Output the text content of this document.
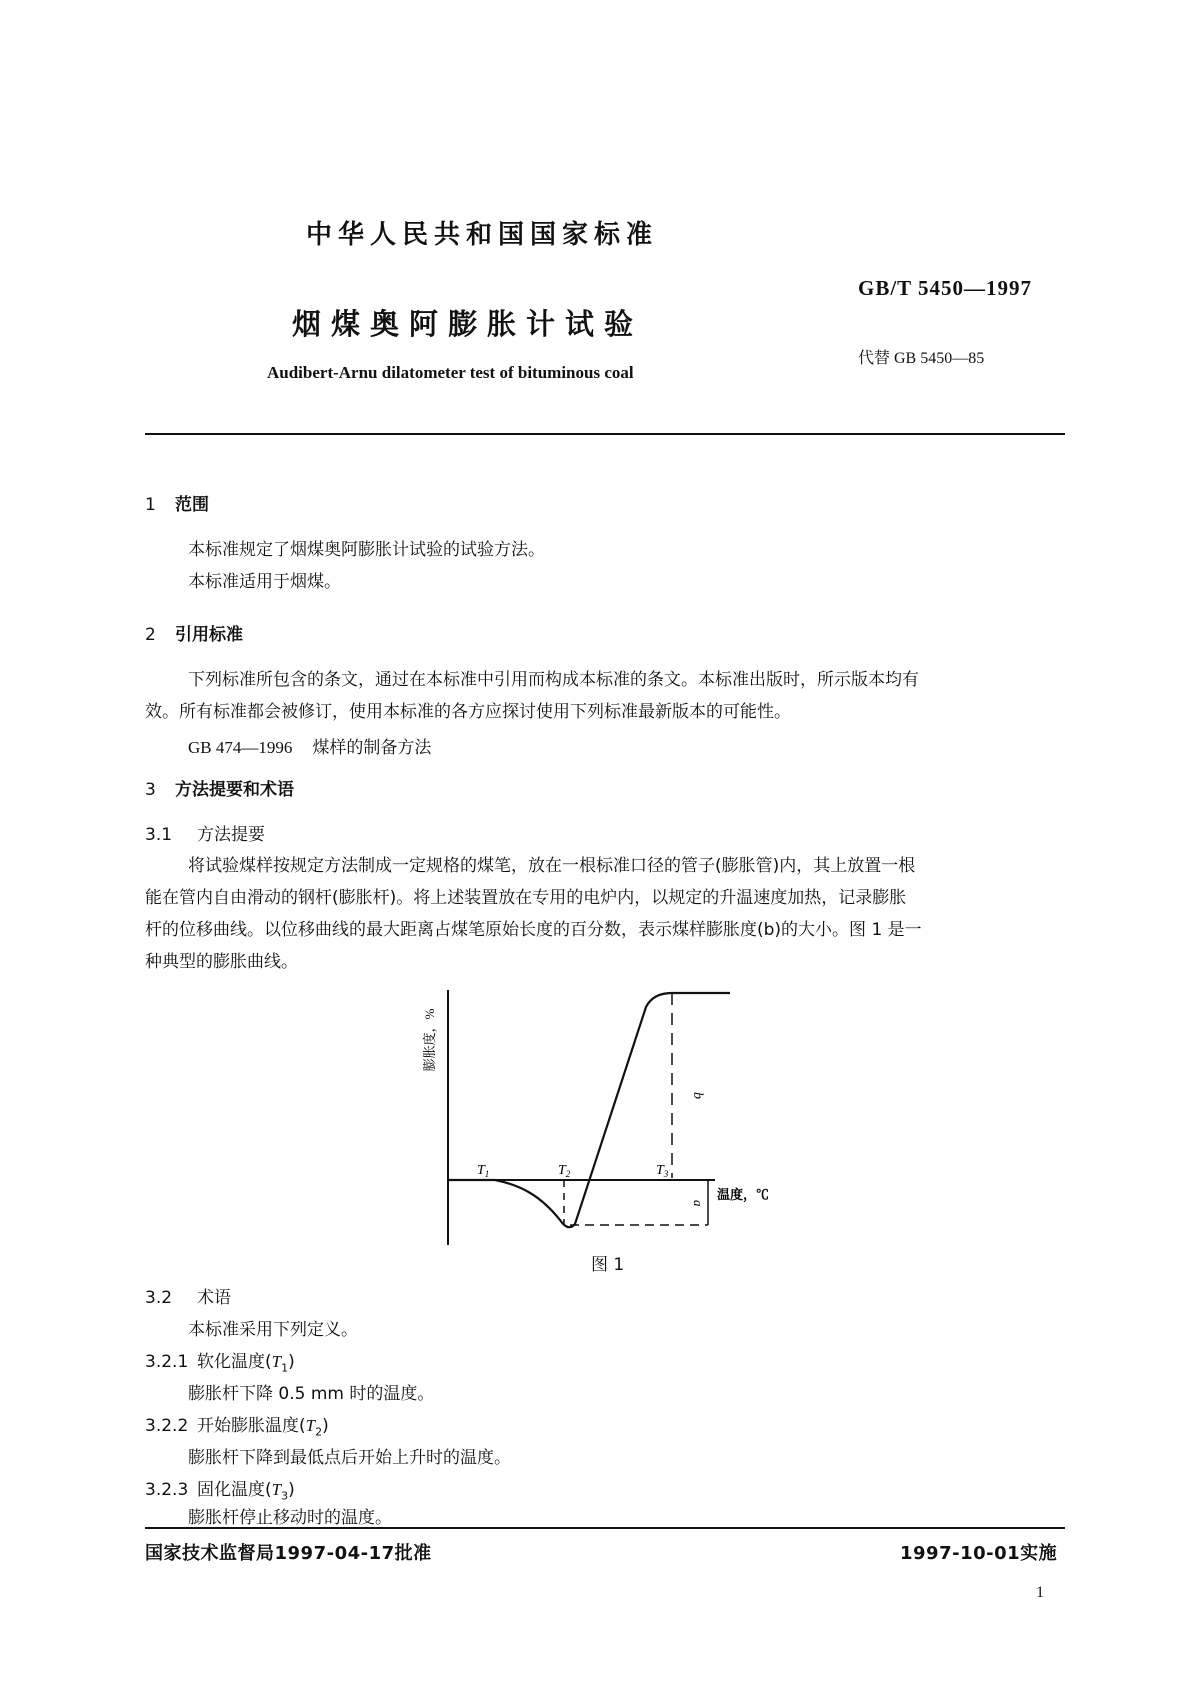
中华人民共和国国家标准
GB/T 5450—1997
烟煤奥阿膨胀计试验
代替 GB 5450—85
Audibert-Arnu dilatometer test of bituminous coal
1 范围
本标准规定了烟煤奥阿膨胀计试验的试验方法。
本标准适用于烟煤。
2 引用标准
下列标准所包含的条文，通过在本标准中引用而构成本标准的条文。本标准出版时，所示版本均有
效。所有标准都会被修订，使用本标准的各方应探讨使用下列标准最新版本的可能性。
GB 474—1996 煤样的制备方法
3 方法提要和术语
3.1 方法提要
将试验煤样按规定方法制成一定规格的煤笔，放在一根标准口径的管子(膨胀管)内，其上放置一根
能在管内自由滑动的钢杆(膨胀杆)。将上述装置放在专用的电炉内，以规定的升温速度加热，记录膨胀
杆的位移曲线。以位移曲线的最大距离占煤笔原始长度的百分数，表示煤样膨胀度(b)的大小。图 1 是一
种典型的膨胀曲线。
膨胀度，%
$T_1$	$T_2$	$T_3$
b
a
温度，℃
图 1
3.2 术语
本标准采用下列定义。
3.2.1 软化温度$(T_1)$
膨胀杆下降 0.5 mm 时的温度。
3.2.2 开始膨胀温度$(T_2)$
膨胀杆下降到最低点后开始上升时的温度。
3.2.3 固化温度$(T_3)$
膨胀杆停止移动时的温度。
国家技术监督局1997-04-17批准	1997-10-01实施
1
